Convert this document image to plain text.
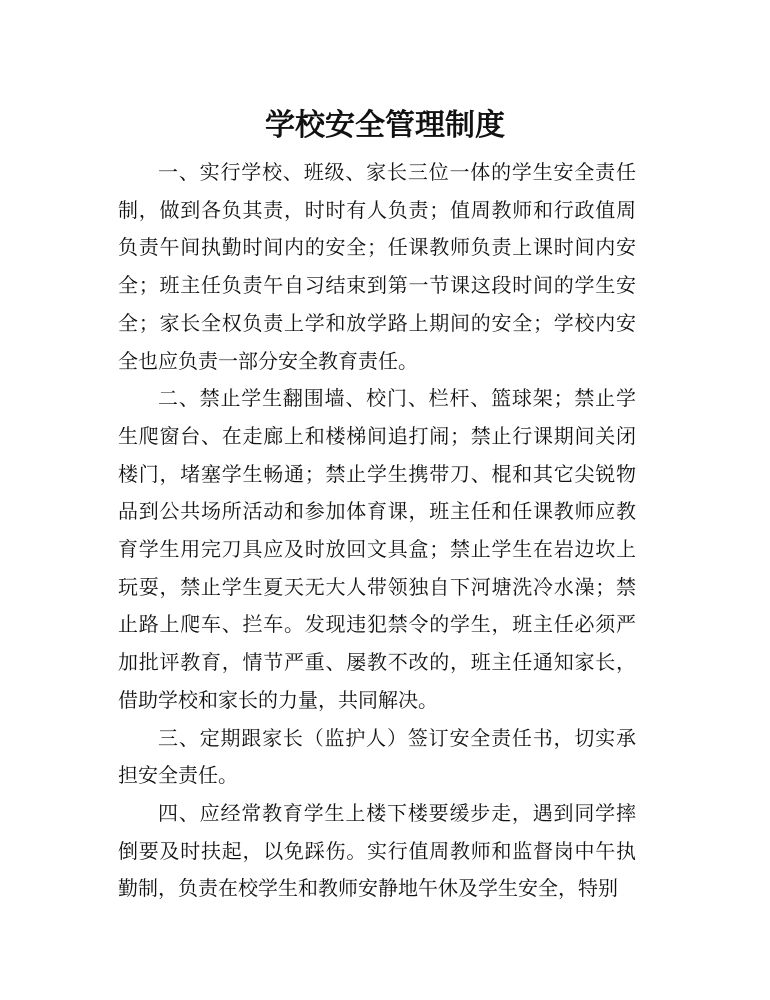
学校安全管理制度

一、实行学校、班级、家长三位一体的学生安全责任制，做到各负其责，时时有人负责；值周教师和行政值周负责午间执勤时间内的安全；任课教师负责上课时间内安全；班主任负责午自习结束到第一节课这段时间的学生安全；家长全权负责上学和放学路上期间的安全；学校内安全也应负责一部分安全教育责任。

二、禁止学生翻围墙、校门、栏杆、篮球架；禁止学生爬窗台、在走廊上和楼梯间追打闹；禁止行课期间关闭楼门，堵塞学生畅通；禁止学生携带刀、棍和其它尖锐物品到公共场所活动和参加体育课，班主任和任课教师应教育学生用完刀具应及时放回文具盒；禁止学生在岩边坎上玩耍，禁止学生夏天无大人带领独自下河塘洗冷水澡；禁止路上爬车、拦车。发现违犯禁令的学生，班主任必须严加批评教育，情节严重、屡教不改的，班主任通知家长，借助学校和家长的力量，共同解决。

三、定期跟家长（监护人）签订安全责任书，切实承担安全责任。

四、应经常教育学生上楼下楼要缓步走，遇到同学摔倒要及时扶起，以免踩伤。实行值周教师和监督岗中午执勤制，负责在校学生和教师安静地午休及学生安全，特别
